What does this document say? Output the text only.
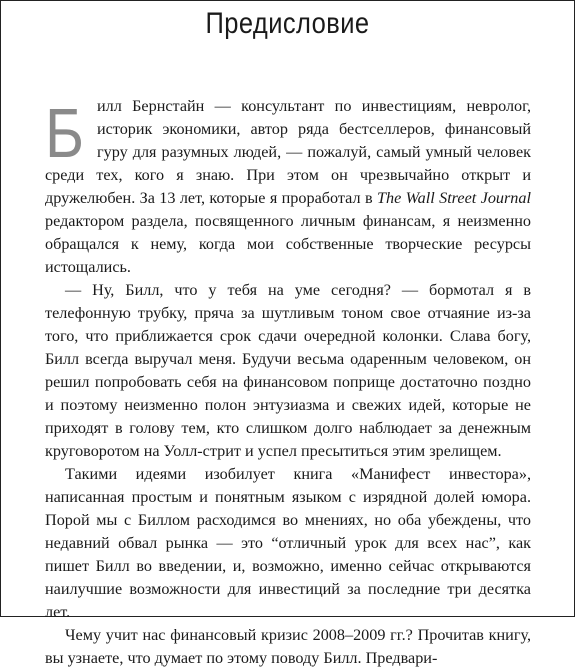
Предисловие

Билл Бернстайн — консультант по инвестициям, невролог, историк экономики, автор ряда бестселлеров, финансовый гуру для разумных людей, — пожалуй, самый умный человек среди тех, кого я знаю. При этом он чрезвычайно открыт и дружелюбен. За 13 лет, которые я проработал в The Wall Street Journal редактором раздела, посвященного личным финансам, я неизменно обращался к нему, когда мои собственные творческие ресурсы истощались.

— Ну, Билл, что у тебя на уме сегодня? — бормотал я в телефонную трубку, пряча за шутливым тоном свое отчаяние из-за того, что приближается срок сдачи очередной колонки. Слава богу, Билл всегда выручал меня. Будучи весьма одаренным человеком, он решил попробовать себя на финансовом поприще достаточно поздно и поэтому неизменно полон энтузиазма и свежих идей, которые не приходят в голову тем, кто слишком долго наблюдает за денежным круговоротом на Уолл-стрит и успел пресытиться этим зрелищем.

Такими идеями изобилует книга «Манифест инвестора», написанная простым и понятным языком с изрядной долей юмора. Порой мы с Биллом расходимся во мнениях, но оба убеждены, что недавний обвал рынка — это “отличный урок для всех нас”, как пишет Билл во введении, и, возможно, именно сейчас открываются наилучшие возможности для инвестиций за последние три десятка лет.

Чему учит нас финансовый кризис 2008–2009 гг.? Прочитав книгу, вы узнаете, что думает по этому поводу Билл. Предвари-
